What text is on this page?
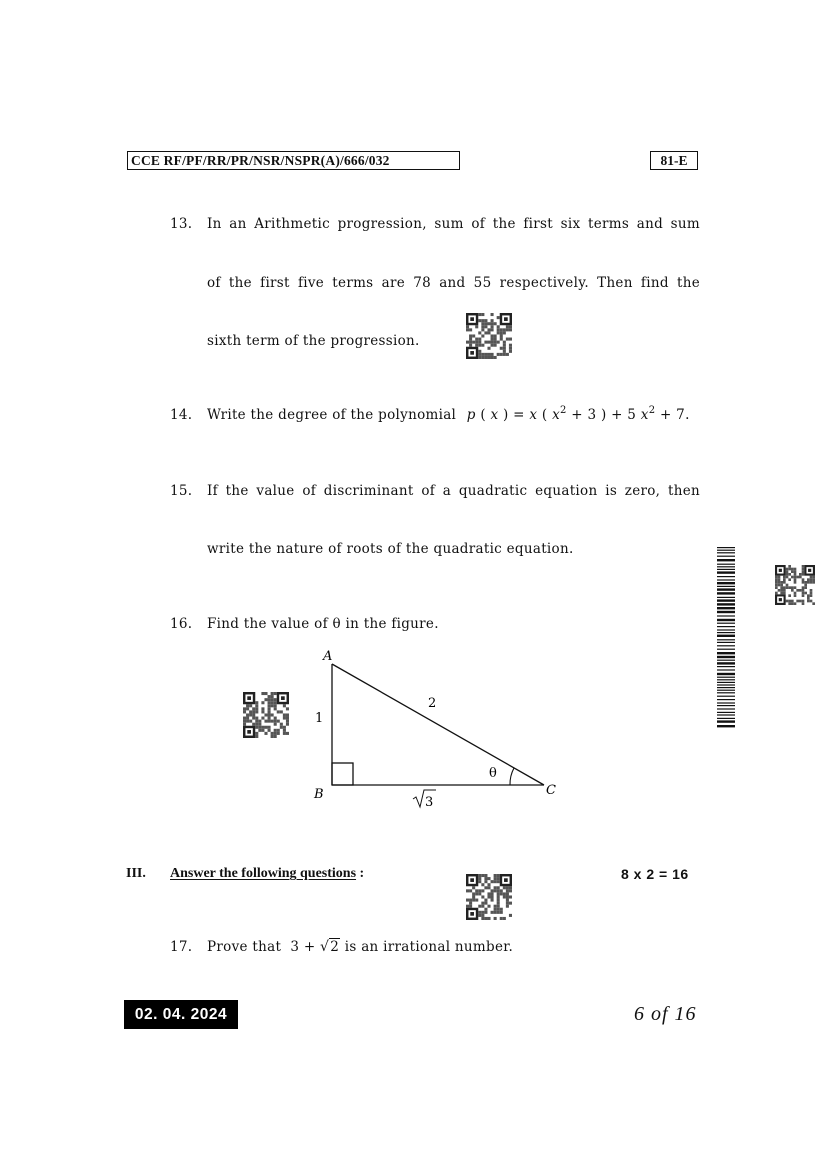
CCE RF/PF/RR/PR/NSR/NSPR(A)/666/032	81-E
13. In an Arithmetic progression, sum of the first six terms and sum
of the first five terms are 78 and 55 respectively. Then find the
sixth term of the progression.
14. Write the degree of the polynomial p ( x ) = x ( $x^2 + 3$ ) + 5 $x^2 + 7$.
15. If the value of discriminant of a quadratic equation is zero, then
write the nature of roots of the quadratic equation.
16. Find the value of θ in the figure.
A
B	C
1
2
θ
3
III. Answer the following questions :	8 x 2 = 16
17. Prove that  3 + √2 is an irrational number.
02. 04. 2024	6 of 16
